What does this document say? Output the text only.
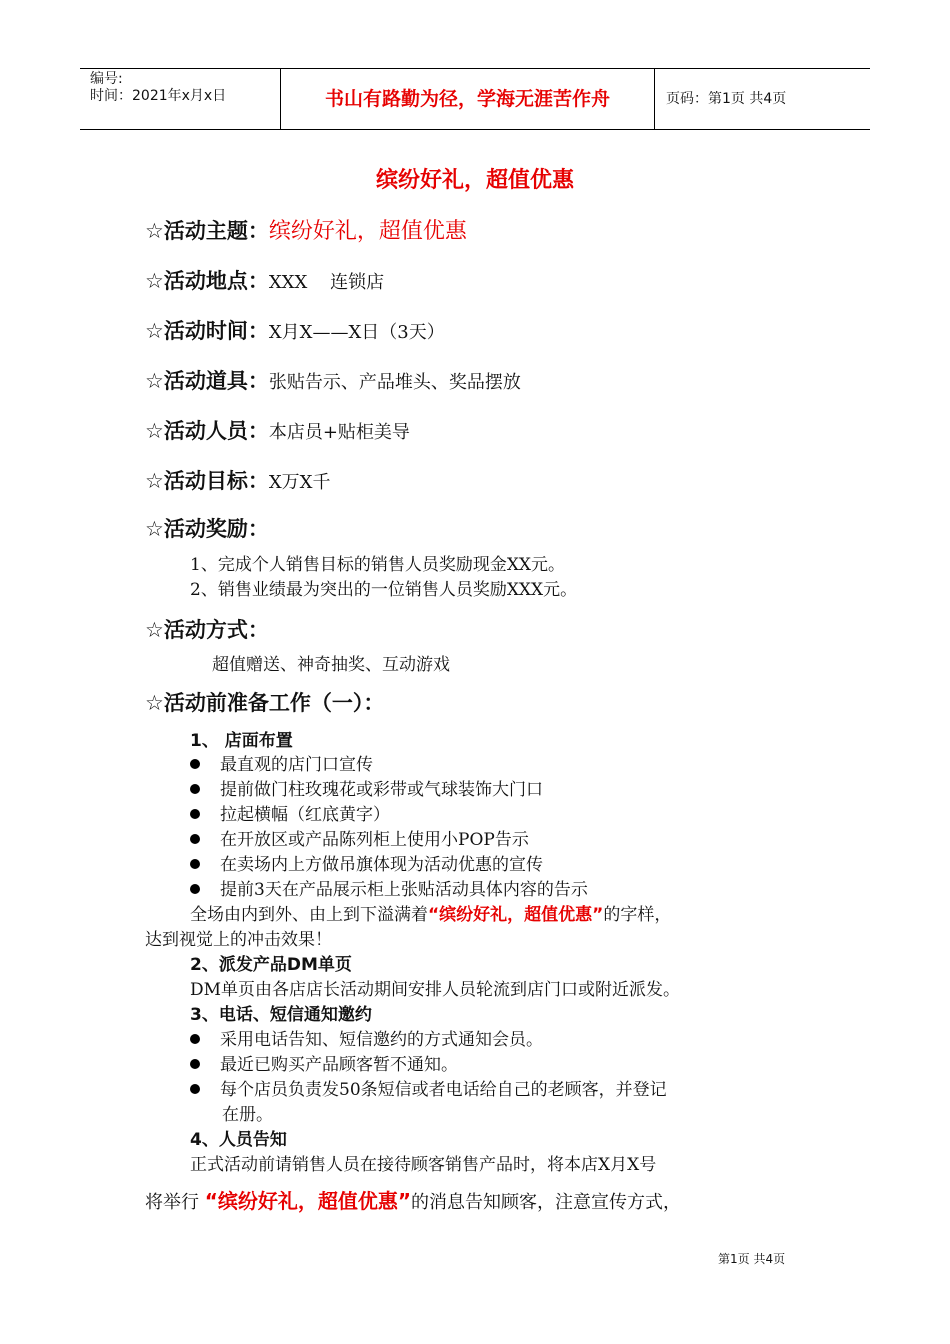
编号:
时间：2021年x月x日	书山有路勤为径，学海无涯苦作舟	页码：第1页 共4页
缤纷好礼，超值优惠
☆活动主题：缤纷好礼，超值优惠
☆活动地点：XXX    连锁店
☆活动时间：X月X——X日（3天）
☆活动道具：张贴告示、产品堆头、奖品摆放
☆活动人员：本店员+贴柜美导
☆活动目标：X万X千
☆活动奖励：
1、完成个人销售目标的销售人员奖励现金XX元。
2、销售业绩最为突出的一位销售人员奖励XXX元。
☆活动方式：
超值赠送、神奇抽奖、互动游戏
☆活动前准备工作（一）：
1、 店面布置
最直观的店门口宣传
提前做门柱玫瑰花或彩带或气球装饰大门口
拉起横幅（红底黄字）
在开放区或产品陈列柜上使用小POP告示
在卖场内上方做吊旗体现为活动优惠的宣传
提前3天在产品展示柜上张贴活动具体内容的告示
全场由内到外、由上到下溢满着“缤纷好礼，超值优惠”的字样，
达到视觉上的冲击效果！
2、派发产品DM单页
DM单页由各店店长活动期间安排人员轮流到店门口或附近派发。
3、电话、短信通知邀约
采用电话告知、短信邀约的方式通知会员。
最近已购买产品顾客暂不通知。
每个店员负责发50条短信或者电话给自己的老顾客，并登记
在册。
4、人员告知
正式活动前请销售人员在接待顾客销售产品时，将本店X月X号
将举行 “缤纷好礼，超值优惠”的消息告知顾客，注意宣传方式，
第1页 共4页
